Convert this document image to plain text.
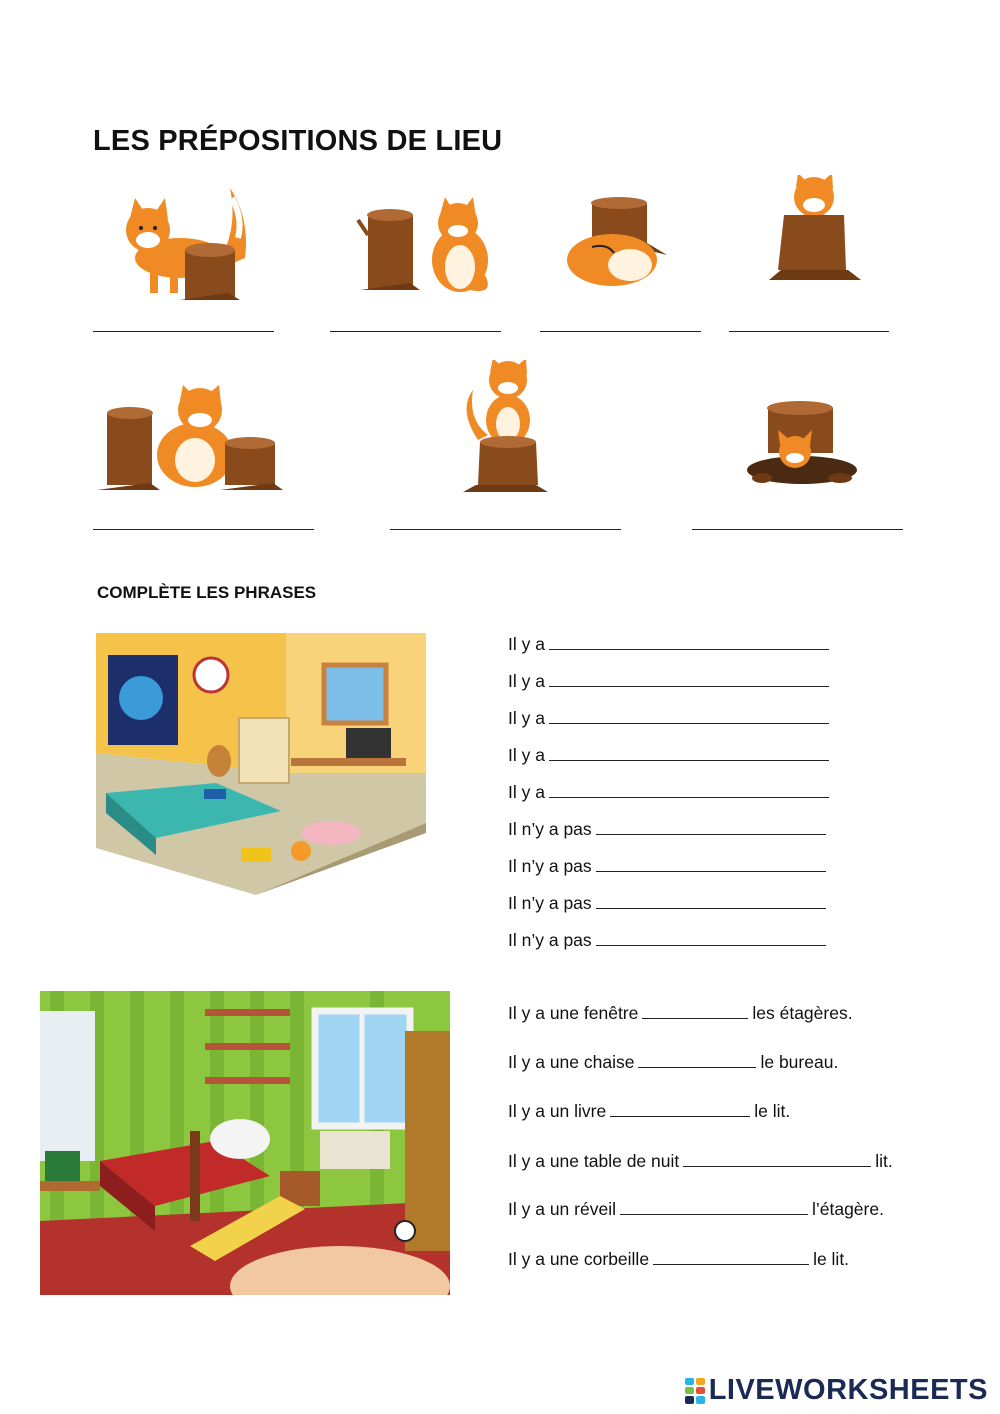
LES PRÉPOSITIONS DE LIEU
COMPLÈTE LES PHRASES
Il y a
Il y a
Il y a
Il y a
Il y a
Il n’y a pas
Il n’y a pas
Il n’y a pas
Il n’y a pas
Il y a une fenêtre	les étagères.
Il y a une chaise	le bureau.
Il y a un livre	le lit.
Il y a une table de nuit	lit.
Il y a un réveil	l’étagère.
Il y a une corbeille	le lit.
LIVEWORKSHEETS
